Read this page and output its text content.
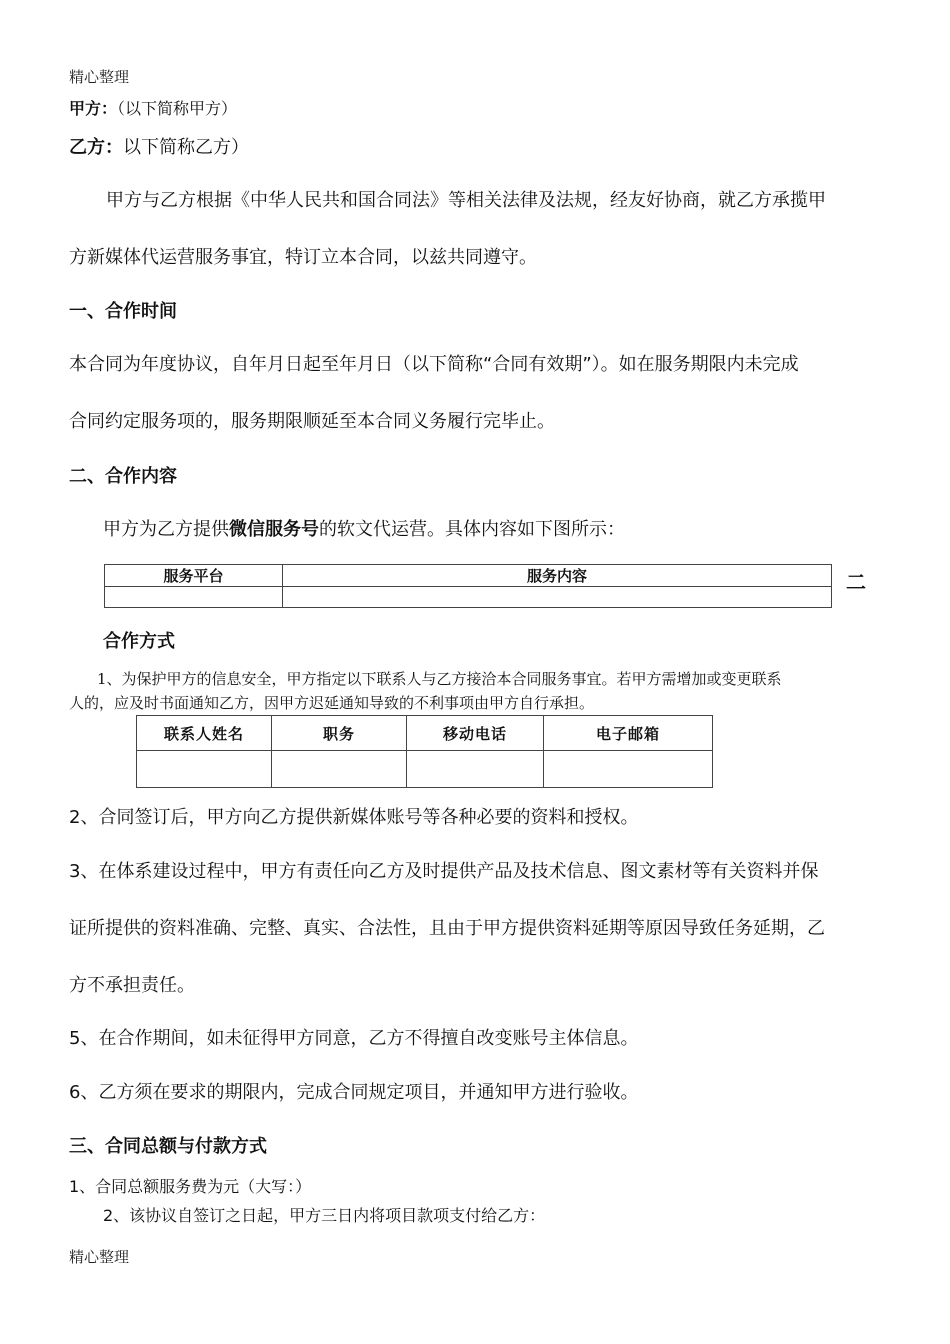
精心整理
甲方：（以下简称甲方）
乙方：以下简称乙方）
甲方与乙方根据《中华人民共和国合同法》等相关法律及法规，经友好协商，就乙方承揽甲
方新媒体代运营服务事宜，特订立本合同，以兹共同遵守。
一、合作时间
本合同为年度协议，自年月日起至年月日（以下简称“合同有效期”）。如在服务期限内未完成
合同约定服务项的，服务期限顺延至本合同义务履行完毕止。
二、合作内容
甲方为乙方提供微信服务号的软文代运营。具体内容如下图所示：
服务平台	服务内容
		二
合作方式
1、为保护甲方的信息安全，甲方指定以下联系人与乙方接洽本合同服务事宜。若甲方需增加或变更联系
人的，应及时书面通知乙方，因甲方迟延通知导致的不利事项由甲方自行承担。
联系人姓名	职务	移动电话	电子邮箱

2、合同签订后，甲方向乙方提供新媒体账号等各种必要的资料和授权。
3、在体系建设过程中，甲方有责任向乙方及时提供产品及技术信息、图文素材等有关资料并保
证所提供的资料准确、完整、真实、合法性，且由于甲方提供资料延期等原因导致任务延期，乙
方不承担责任。
5、在合作期间，如未征得甲方同意，乙方不得擅自改变账号主体信息。
6、乙方须在要求的期限内，完成合同规定项目，并通知甲方进行验收。
三、合同总额与付款方式
1、合同总额服务费为元（大写：）
2、该协议自签订之日起，甲方三日内将项目款项支付给乙方：
精心整理
